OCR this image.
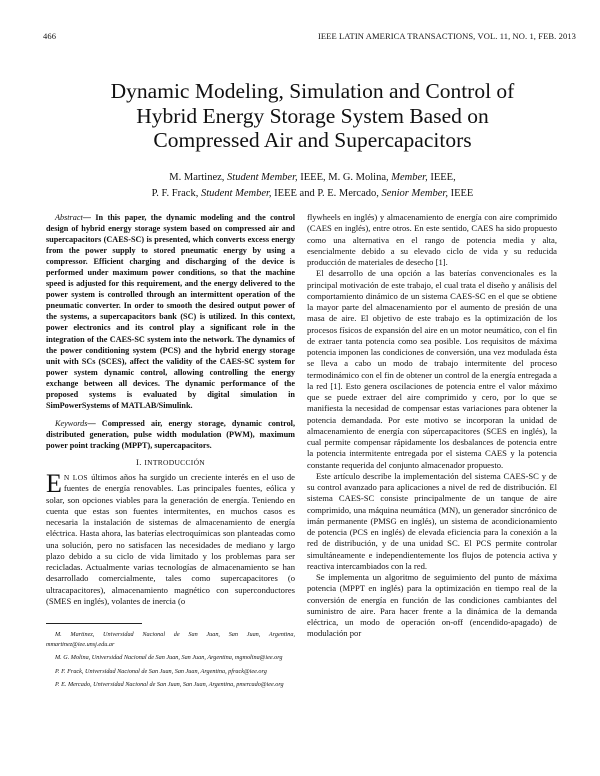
466	IEEE LATIN AMERICA TRANSACTIONS, VOL. 11, NO. 1, FEB. 2013
Dynamic Modeling, Simulation and Control of
Hybrid Energy Storage System Based on
Compressed Air and Supercapacitors
M. Martinez, Student Member, IEEE, M. G. Molina, Member, IEEE,
P. F. Frack, Student Member, IEEE and P. E. Mercado, Senior Member, IEEE

Abstract— In this paper, the dynamic modeling and the control design of hybrid energy storage system based on compressed air and supercapacitors (CAES-SC) is presented, which converts excess energy from the power supply to stored pneumatic energy by using a compressor. Efficient charging and discharging of the device is performed under maximum power conditions, so that the machine speed is adjusted for this requirement, and the energy delivered to the power system is controlled through an intermittent operation of the pneumatic converter. In order to smooth the desired output power of the systems, a supercapacitors bank (SC) is utilized. In this context, power electronics and its control play a significant role in the integration of the CAES-SC system into the network. The dynamics of the power conditioning system (PCS) and the hybrid energy storage unit with SCs (SCES), affect the validity of the CAES-SC system for power system dynamic control, allowing controlling the energy exchange between all devices. The dynamic performance of the proposed systems is evaluated by digital simulation in SimPowerSystems of MATLAB/Simulink.

Keywords— Compressed air, energy storage, dynamic control, distributed generation, pulse width modulation (PWM), maximum power point tracking (MPPT), supercapacitors.

I. INTRODUCCIÓN

E N LOS últimos años ha surgido un creciente interés en el uso de fuentes de energía renovables. Las principales fuentes, eólica y solar, son opciones viables para la generación de energía. Teniendo en cuenta que estas son fuentes intermitentes, en muchos casos es necesaria la instalación de sistemas de almacenamiento de energía eléctrica. Hasta ahora, las baterías electroquímicas son planteadas como una solución, pero no satisfacen las necesidades de mediano y largo plazo debido a su ciclo de vida limitado y los problemas para ser recicladas. Actualmente varias tecnologías de almacenamiento se han desarrollado comercialmente, tales como supercapacitores (o ultracapacitores), almacenamiento magnético con superconductores (SMES en inglés), volantes de inercia (o

M. Martinez, Universidad Nacional de San Juan, San Juan, Argentina, mmartinez@iee.unsj.edu.ar

M. G. Molina, Universidad Nacional de San Juan, San Juan, Argentina, mgmolina@iee.org

P. F. Frack, Universidad Nacional de San Juan, San Juan, Argentina, pfrack@iee.org

P. E. Mercado, Universidad Nacional de San Juan, San Juan, Argentina, pmercado@iee.org

flywheels en inglés) y almacenamiento de energía con aire comprimido (CAES en inglés), entre otros. En este sentido, CAES ha sido propuesto como una alternativa en el rango de potencia media y alta, esencialmente debido a su elevado ciclo de vida y su reducida producción de materiales de desecho [1].

El desarrollo de una opción a las baterías convencionales es la principal motivación de este trabajo, el cual trata el diseño y análisis del comportamiento dinámico de un sistema CAES-SC en el que se obtiene la mayor parte del almacenamiento por el aumento de presión de una masa de aire. El objetivo de este trabajo es la optimización de los procesos físicos de expansión del aire en un motor neumático, con el fin de extraer tanta potencia como sea posible. Los requisitos de máxima potencia imponen las condiciones de conversión, una vez modulada ésta se lleva a cabo un modo de trabajo intermitente del proceso termodinámico con el fin de obtener un control de la energía entregada a la red [1]. Esto genera oscilaciones de potencia entre el valor máximo que se puede extraer del aire comprimido y cero, por lo que se manifiesta la necesidad de compensar estas variaciones para obtener la potencia demandada. Por este motivo se incorporan la unidad de almacenamiento de energía con súpercapacitores (SCES en inglés), la cual permite compensar rápidamente los desbalances de potencia entre la potencia intermitente entregada por el sistema CAES y la potencia constante requerida del conjunto almacenador propuesto.

Este artículo describe la implementación del sistema CAES-SC y de su control avanzado para aplicaciones a nivel de red de distribución. El sistema CAES-SC consiste principalmente de un tanque de aire comprimido, una máquina neumática (MN), un generador sincrónico de imán permanente (PMSG en inglés), un sistema de acondicionamiento de potencia (PCS en inglés) de elevada eficiencia para la conexión a la red de distribución, y de una unidad SC. El PCS permite controlar simultáneamente e independientemente los flujos de potencia activa y reactiva intercambiados con la red.

Se implementa un algoritmo de seguimiento del punto de máxima potencia (MPPT en inglés) para la optimización en tiempo real de la conversión de energía en función de las condiciones cambiantes del suministro de aire. Para hacer frente a la dinámica de la demanda eléctrica, un modo de operación on-off (encendido-apagado) de modulación por
